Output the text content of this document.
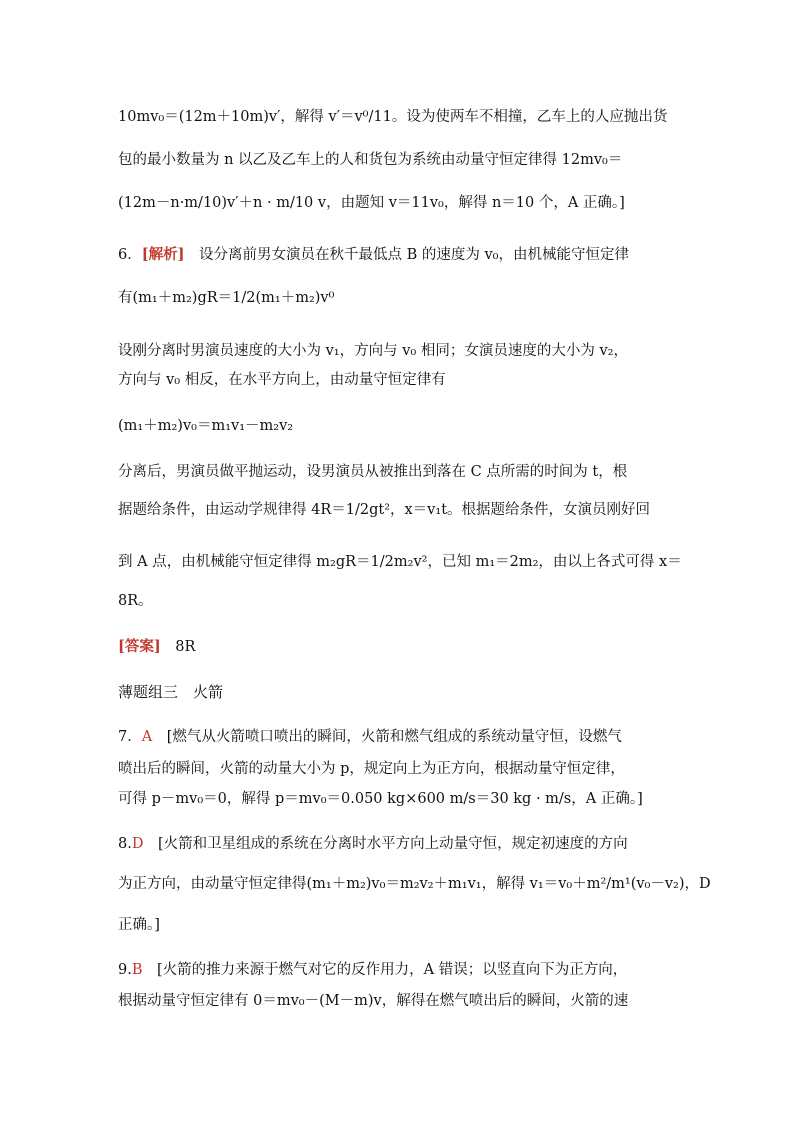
10mv₀＝(12m＋10m)v′，解得 v′＝v⁰/11。设为使两车不相撞，乙车上的人应抛出货
包的最小数量为 n 以乙及乙车上的人和货包为系统由动量守恒定律得 12mv₀＝
(12m－n·m/10)v′＋n · m/10 v，由题知 v＝11v₀，解得 n＝10 个，A 正确。]
6．[解析]　设分离前男女演员在秋千最低点 B 的速度为 v₀，由机械能守恒定律
有(m₁＋m₂)gR＝1/2(m₁＋m₂)v⁰
设刚分离时男演员速度的大小为 v₁，方向与 v₀ 相同；女演员速度的大小为 v₂，
方向与 v₀ 相反，在水平方向上，由动量守恒定律有
(m₁＋m₂)v₀＝m₁v₁－m₂v₂
分离后，男演员做平抛运动，设男演员从被推出到落在 C 点所需的时间为 t，根
据题给条件，由运动学规律得 4R＝1/2gt²，x＝v₁t。根据题给条件，女演员刚好回
到 A 点，由机械能守恒定律得 m₂gR＝1/2m₂v²，已知 m₁＝2m₂，由以上各式可得 x＝
8R。
[答案]　8R
薄题组三　火箭
7．A　[燃气从火箭喷口喷出的瞬间，火箭和燃气组成的系统动量守恒，设燃气
喷出后的瞬间，火箭的动量大小为 p，规定向上为正方向，根据动量守恒定律，
可得 p－mv₀＝0，解得 p＝mv₀＝0.050 kg×600 m/s＝30 kg · m/s，A 正确。]
8.D　[火箭和卫星组成的系统在分离时水平方向上动量守恒，规定初速度的方向
为正方向，由动量守恒定律得(m₁＋m₂)v₀＝m₂v₂＋m₁v₁，解得 v₁＝v₀＋m²/m¹(v₀－v₂)，D
正确。]
9.B　[火箭的推力来源于燃气对它的反作用力，A 错误；以竖直向下为正方向，
根据动量守恒定律有 0＝mv₀－(M－m)v，解得在燃气喷出后的瞬间，火箭的速
